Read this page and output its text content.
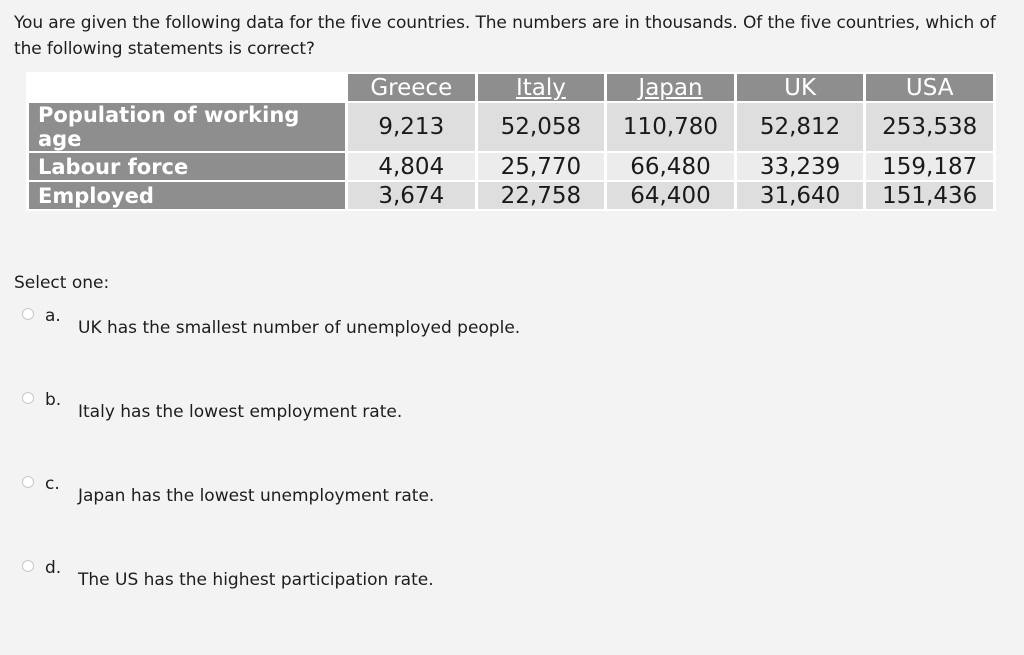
You are given the following data for the five countries. The numbers are in thousands. Of the five countries, which of the following statements is correct?
	Greece	Italy	Japan	UK	USA
Population of working age	9,213	52,058	110,780	52,812	253,538
Labour force	4,804	25,770	66,480	33,239	159,187
Employed	3,674	22,758	64,400	31,640	151,436
Select one:
a.
UK has the smallest number of unemployed people.
b.
Italy has the lowest employment rate.
c.
Japan has the lowest unemployment rate.
d.
The US has the highest participation rate.
